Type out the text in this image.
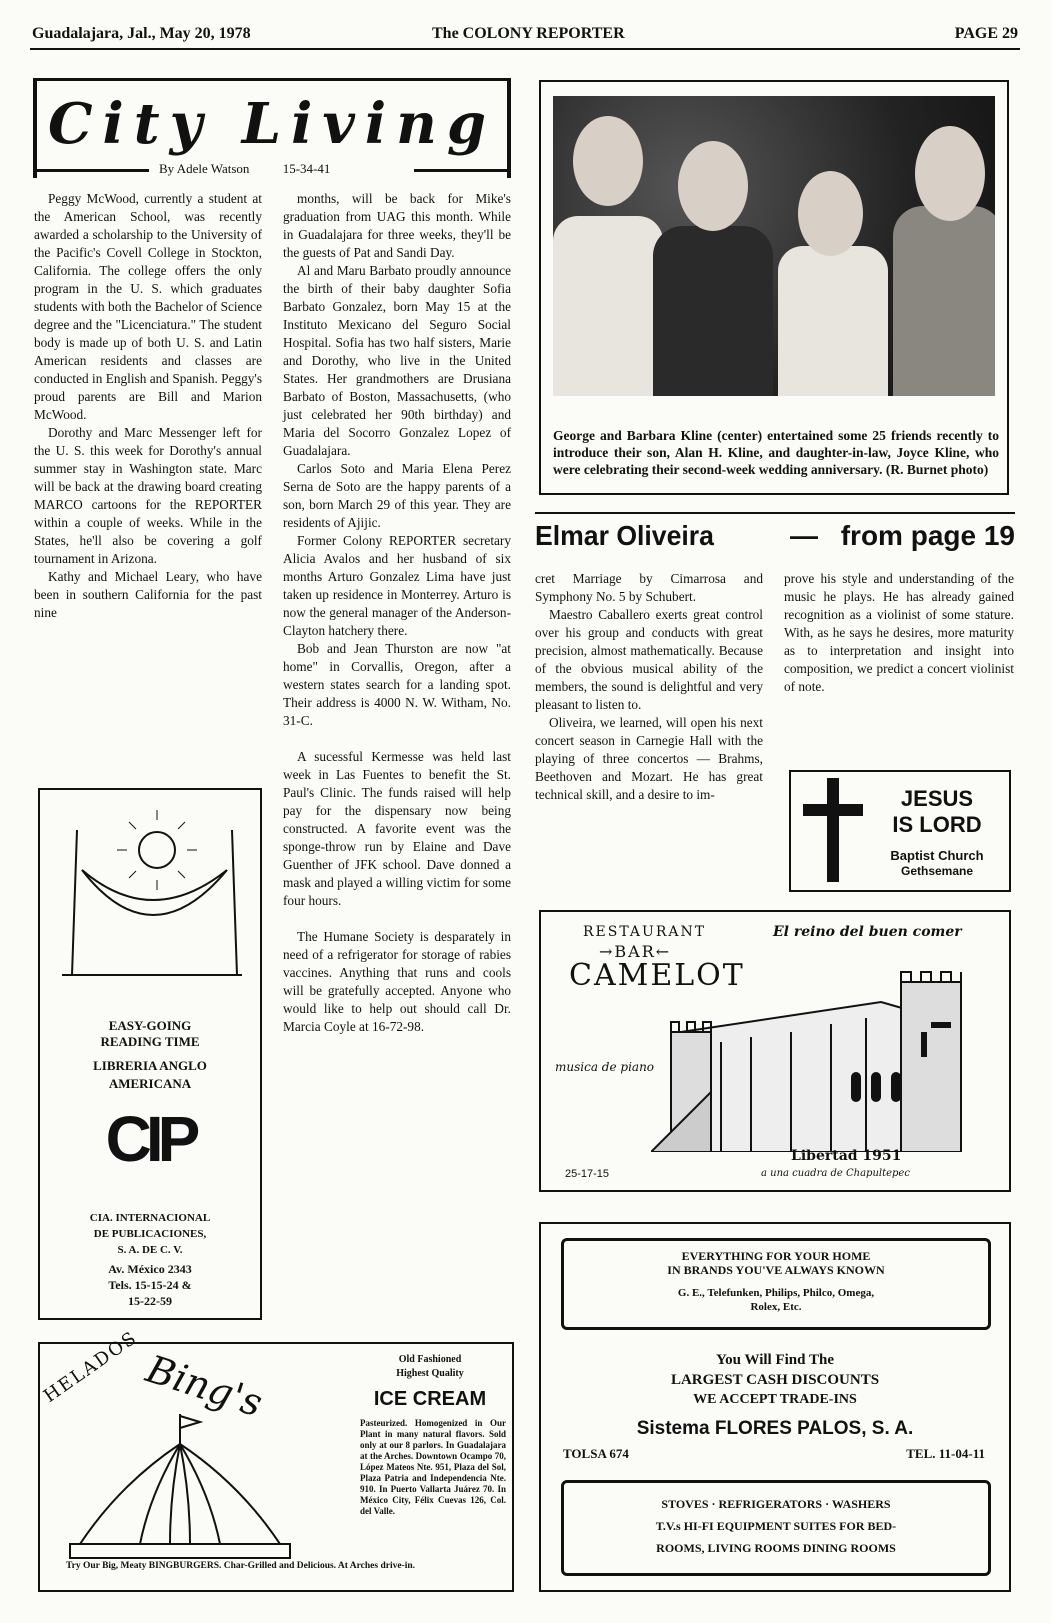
Guadalajara, Jal., May 20, 1978	The COLONY REPORTER	PAGE 29
City Living
By Adele Watson	15-34-41

Peggy McWood, currently a student at the American School, was recently awarded a scholarship to the University of the Pacific's Covell College in Stockton, California. The college offers the only program in the U. S. which graduates students with both the Bachelor of Science degree and the "Licenciatura." The student body is made up of both U. S. and Latin American residents and classes are conducted in English and Spanish. Peggy's proud parents are Bill and Marion McWood.

Dorothy and Marc Messenger left for the U. S. this week for Dorothy's annual summer stay in Washington state. Marc will be back at the drawing board creating MARCO cartoons for the REPORTER within a couple of weeks. While in the States, he'll also be covering a golf tournament in Arizona.

Kathy and Michael Leary, who have been in southern California for the past nine

months, will be back for Mike's graduation from UAG this month. While in Guadalajara for three weeks, they'll be the guests of Pat and Sandi Day.

Al and Maru Barbato proudly announce the birth of their baby daughter Sofia Barbato Gonzalez, born May 15 at the Instituto Mexicano del Seguro Social Hospital. Sofia has two half sisters, Marie and Dorothy, who live in the United States. Her grandmothers are Drusiana Barbato of Boston, Massachusetts, (who just celebrated her 90th birthday) and Maria del Socorro Gonzalez Lopez of Guadalajara.

Carlos Soto and Maria Elena Perez Serna de Soto are the happy parents of a son, born March 29 of this year. They are residents of Ajijic.

Former Colony REPORTER secretary Alicia Avalos and her husband of six months Arturo Gonzalez Lima have just taken up residence in Monterrey. Arturo is now the general manager of the Anderson-Clayton hatchery there.

Bob and Jean Thurston are now "at home" in Corvallis, Oregon, after a western states search for a landing spot. Their address is 4000 N. W. Witham, No. 31-C.

A sucessful Kermesse was held last week in Las Fuentes to benefit the St. Paul's Clinic. The funds raised will help pay for the dispensary now being constructed. A favorite event was the sponge-throw run by Elaine and Dave Guenther of JFK school. Dave donned a mask and played a willing victim for some four hours.

The Humane Society is desparately in need of a refrigerator for storage of rabies vaccines. Anything that runs and cools will be gratefully accepted. Anyone who would like to help out should call Dr. Marcia Coyle at 16-72-98.

George and Barbara Kline (center) entertained some 25 friends recently to introduce their son, Alan H. Kline, and daughter-in-law, Joyce Kline, who were celebrating their second-week wedding anniversary. (R. Burnet photo)
Elmar Oliveira	— from page 19

cret Marriage by Cimarrosa and Symphony No. 5 by Schubert.

Maestro Caballero exerts great control over his group and conducts with great precision, almost mathematically. Because of the obvious musical ability of the members, the sound is delightful and very pleasant to listen to.

Oliveira, we learned, will open his next concert season in Carnegie Hall with the playing of three concertos — Brahms, Beethoven and Mozart. He has great technical skill, and a desire to im-

prove his style and understanding of the music he plays. He has already gained recognition as a violinist of some stature. With, as he says he desires, more maturity as to interpretation and insight into composition, we predict a concert violinist of note.

JESUS
IS LORD
Baptist Church
Gethsemane
RESTAURANT
→BAR←
CAMELOT
El reino del buen comer
musica de piano
25-17-15
Libertad 1951
a una cuadra de Chapultepec
EASY-GOING
READING TIME
LIBRERIA ANGLO
AMERICANA
CIP
CIA. INTERNACIONAL
DE PUBLICACIONES,
S. A. DE C. V.
Av. México 2343
Tels. 15-15-24 &
15-22-59
HELADOS Bing's	Old Fashioned
Highest Quality
ICE CREAM
Pasteurized. Homogenized in Our Plant in many natural flavors. Sold only at our 8 parlors. In Guadalajara at the Arches. Downtown Ocampo 70, López Mateos Nte. 951, Plaza del Sol, Plaza Patria and Independencia Nte. 910. In Puerto Vallarta Juárez 70. In México City, Félix Cuevas 126, Col. del Valle.
Try Our Big, Meaty BINGBURGERS. Char-Grilled and Delicious. At Arches drive-in.
EVERYTHING FOR YOUR HOME
IN BRANDS YOU'VE ALWAYS KNOWN
G. E., Telefunken, Philips, Philco, Omega,
Rolex, Etc.
You Will Find The
LARGEST CASH DISCOUNTS
WE ACCEPT TRADE-INS
Sistema FLORES PALOS, S. A.
TOLSA 674	TEL. 11-04-11
STOVES · REFRIGERATORS · WASHERS
T.V.s HI-FI EQUIPMENT SUITES FOR BED-
ROOMS, LIVING ROOMS DINING ROOMS
